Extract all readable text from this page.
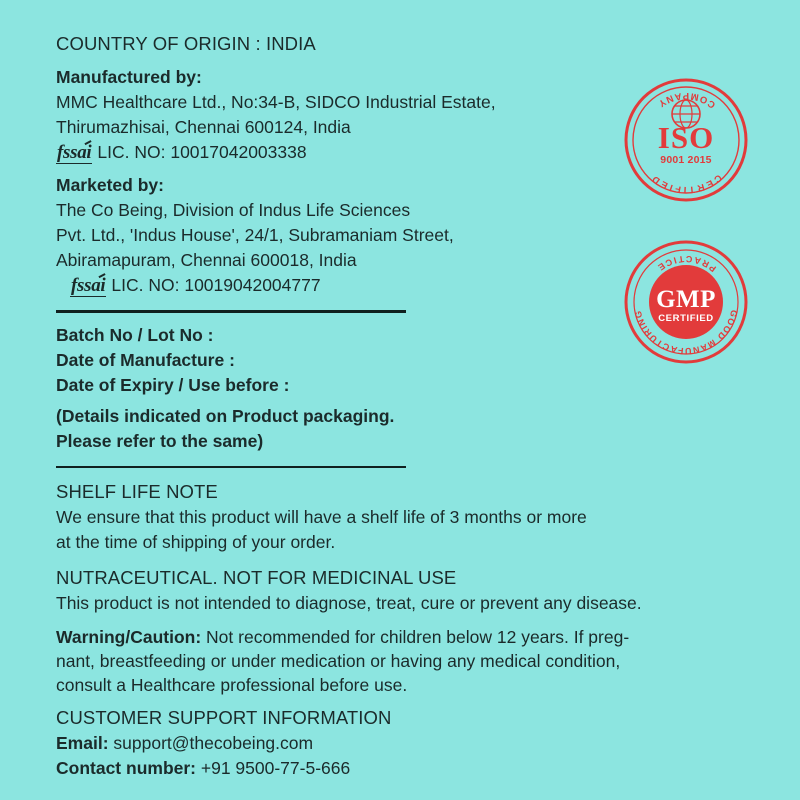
COUNTRY OF ORIGIN : INDIA
Manufactured by:
MMC Healthcare Ltd., No:34-B, SIDCO Industrial Estate,
Thirumazhisai, Chennai 600124, India
fssai LIC. NO: 10017042003338
Marketed by:
The Co Being, Division of Indus Life Sciences
Pvt. Ltd., 'Indus House', 24/1, Subramaniam Street,
Abiramapuram, Chennai 600018, India
fssai LIC. NO: 10019042004777
Batch No / Lot No :
Date of Manufacture :
Date of Expiry / Use before :
(Details indicated on Product packaging.
Please refer to the same)
SHELF LIFE NOTE
We ensure that this product will have a shelf life of 3 months or more
at the time of shipping of your order.
NUTRACEUTICAL. NOT FOR MEDICINAL USE
This product is not intended to diagnose, treat, cure or prevent any disease.
Warning/Caution: Not recommended for children below 12 years. If preg-
nant, breastfeeding or under medication or having any medical condition,
consult a Healthcare professional before use.
CUSTOMER SUPPORT INFORMATION
Email: support@thecobeing.com
Contact number: +91 9500-77-5-666
CERTIFIED
COMPANY
ISO
9001 2015
GOOD MANUFACTURING
PRACTICE
GMP
CERTIFIED
